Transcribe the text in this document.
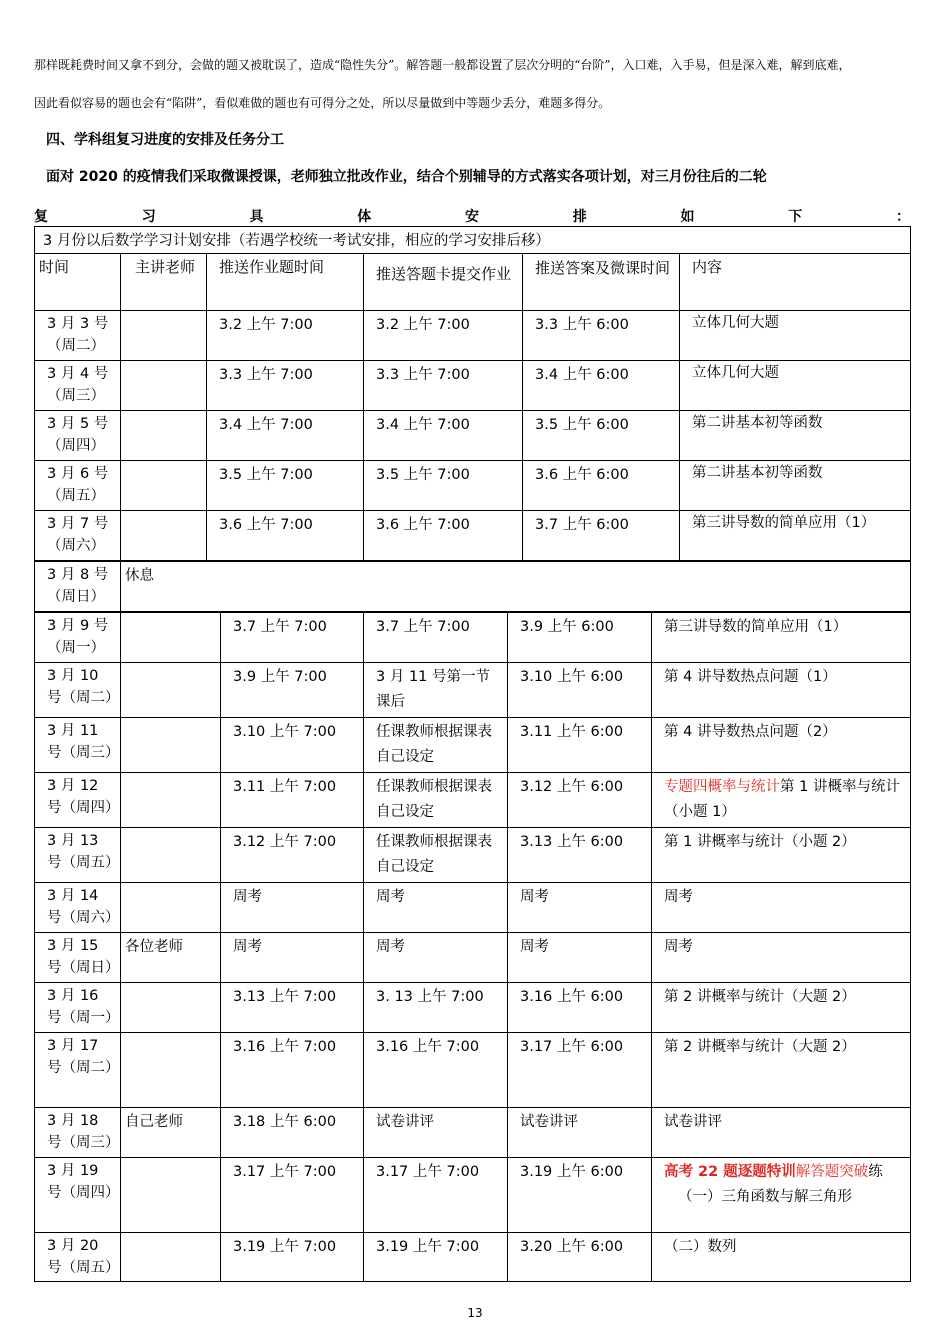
那样既耗费时间又拿不到分，会做的题又被耽误了，造成“隐性失分”。解答题一般都设置了层次分明的“台阶”，入口难，入手易，但是深入难，解到底难，
因此看似容易的题也会有“陷阱”，看似难做的题也有可得分之处，所以尽量做到中等题少丢分，难题多得分。
四、学科组复习进度的安排及任务分工
面对 2020 的疫情我们采取微课授课，老师独立批改作业，结合个别辅导的方式落实各项计划，对三月份往后的二轮
复	习	具	体	安	排	如	下	：
3 月份以后数学学习计划安排（若遇学校统一考试安排，相应的学习安排后移）					
时间	主讲老师	推送作业题时间	推送答题卡提交作业	推送答案及微课时间	内容
3 月 3 号（周二）		3.2 上午 7:00	3.2 上午 7:00	3.3 上午 6:00	立体几何大题
3 月 4 号（周三）		3.3 上午 7:00	3.3 上午 7:00	3.4 上午 6:00	立体几何大题
3 月 5 号（周四）		3.4 上午 7:00	3.4 上午 7:00	3.5 上午 6:00	第二讲基本初等函数
3 月 6 号（周五）		3.5 上午 7:00	3.5 上午 7:00	3.6 上午 6:00	第二讲基本初等函数
3 月 7 号（周六）		3.6 上午 7:00	3.6 上午 7:00	3.7 上午 6:00	第三讲导数的简单应用（1）
3 月 8 号（周日）	休息
3 月 9 号（周一）		3.7 上午 7:00	3.7 上午 7:00	3.9 上午 6:00	第三讲导数的简单应用（1）
3 月 10 号（周二）		3.9 上午 7:00	3 月 11 号第一节课后	3.10 上午 6:00	第 4 讲导数热点问题（1）
3 月 11 号（周三）		3.10 上午 7:00	任课教师根据课表自己设定	3.11 上午 6:00	第 4 讲导数热点问题（2）
3 月 12 号（周四）		3.11 上午 7:00	任课教师根据课表自己设定	3.12 上午 6:00	专题四概率与统计第 1 讲概率与统计（小题 1）
3 月 13 号（周五）		3.12 上午 7:00	任课教师根据课表自己设定	3.13 上午 6:00	第 1 讲概率与统计（小题 2）
3 月 14 号（周六）		周考	周考	周考	周考
3 月 15 号（周日）	各位老师	周考	周考	周考	周考
3 月 16 号（周一）		3.13 上午 7:00	3. 13 上午 7:00	3.16 上午 6:00	第 2 讲概率与统计（大题 2）
3 月 17 号（周二）		3.16 上午 7:00	3.16 上午 7:00	3.17 上午 6:00	第 2 讲概率与统计（大题 2）
3 月 18 号（周三）	自己老师	3.18 上午 6:00	试卷讲评	试卷讲评	试卷讲评
3 月 19 号（周四）		3.17 上午 7:00	3.17 上午 7:00	3.19 上午 6:00	高考 22 题逐题特训解答题突破练
（一）三角函数与解三角形
3 月 20 号（周五）		3.19 上午 7:00	3.19 上午 7:00	3.20 上午 6:00	（二）数列
13
